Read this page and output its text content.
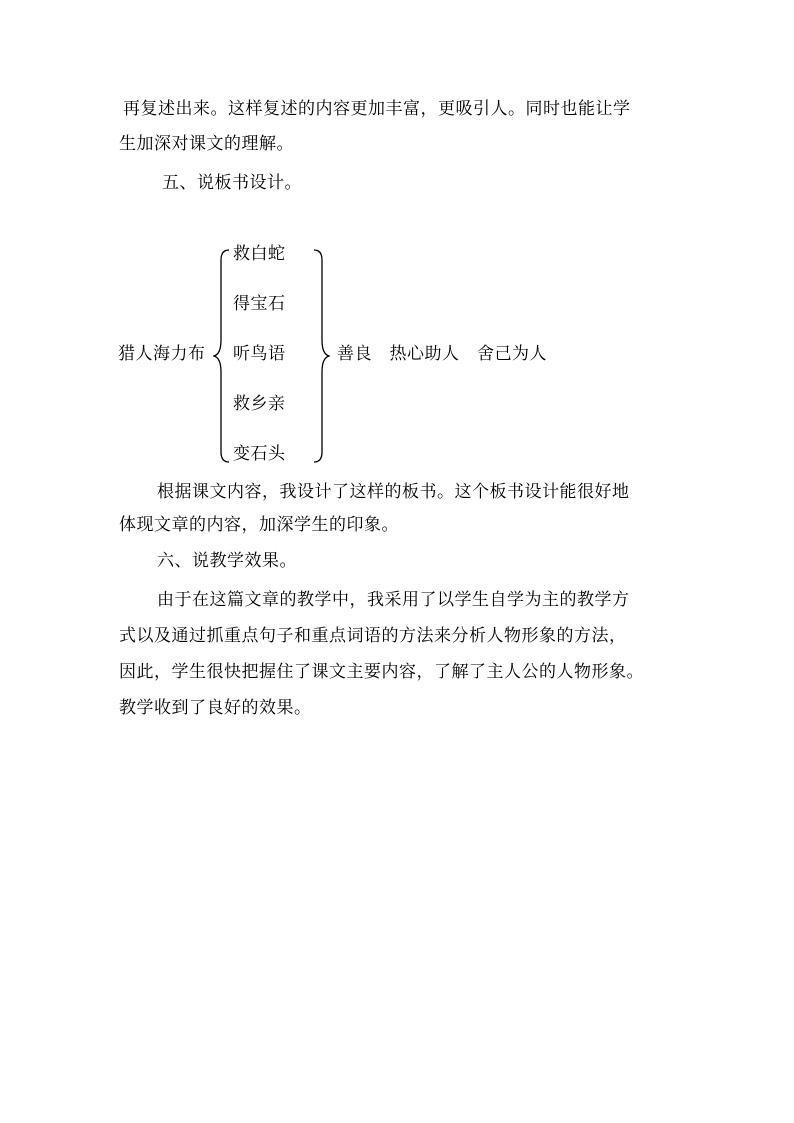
再复述出来。这样复述的内容更加丰富，更吸引人。同时也能让学
生加深对课文的理解。
五、说板书设计。
猎人海力布
救白蛇
得宝石
听鸟语
救乡亲
变石头
善良　热心助人　舍己为人
根据课文内容，我设计了这样的板书。这个板书设计能很好地
体现文章的内容，加深学生的印象。
六、说教学效果。
由于在这篇文章的教学中，我采用了以学生自学为主的教学方
式以及通过抓重点句子和重点词语的方法来分析人物形象的方法，
因此，学生很快把握住了课文主要内容，了解了主人公的人物形象。
教学收到了良好的效果。
